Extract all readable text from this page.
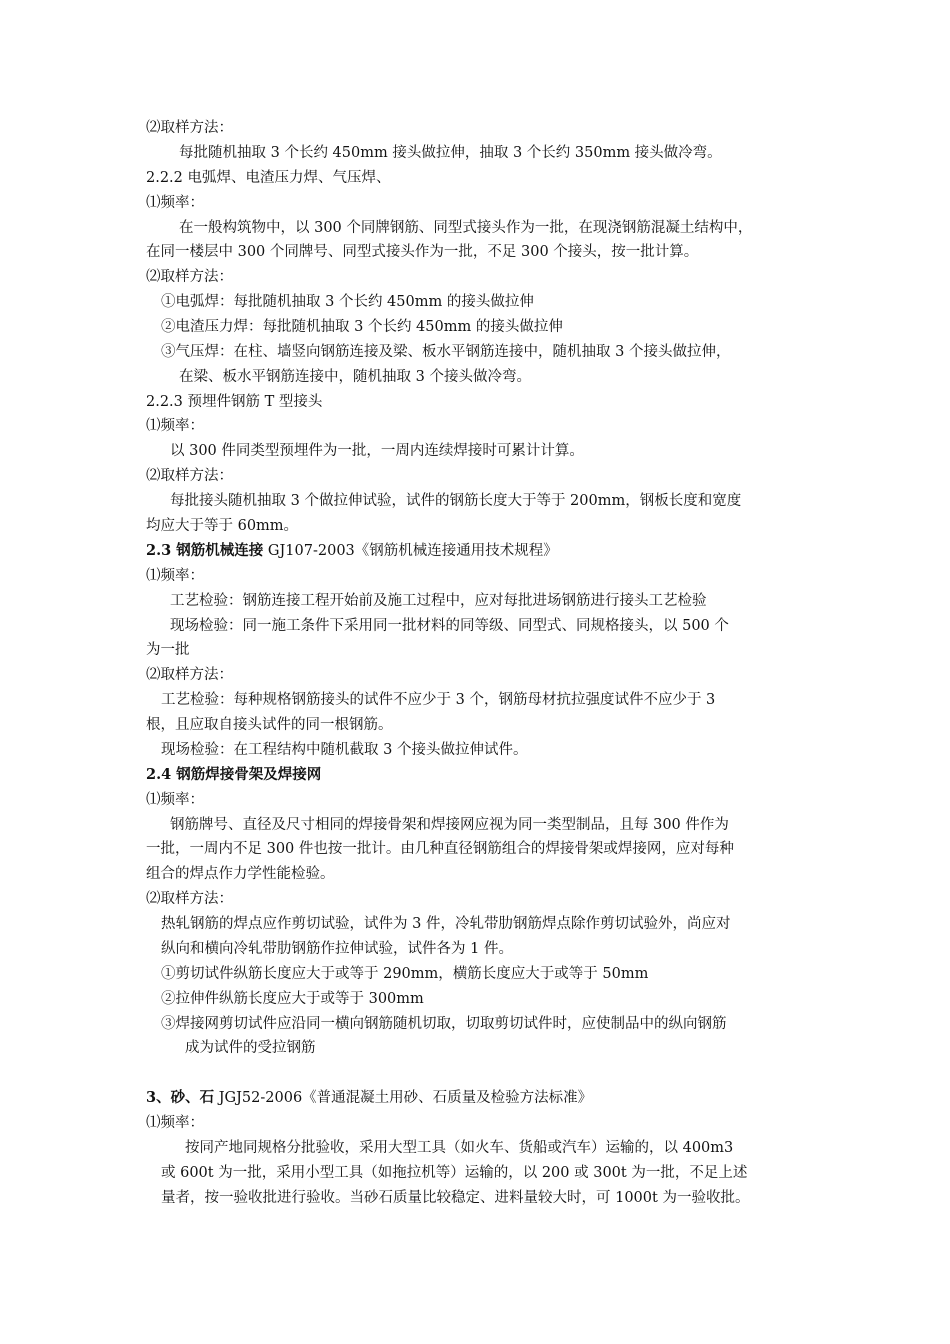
⑵取样方法：
每批随机抽取 3 个长约 450mm 接头做拉伸，抽取 3 个长约 350mm 接头做冷弯。
2.2.2 电弧焊、电渣压力焊、气压焊、
⑴频率：
在一般构筑物中，以 300 个同牌钢筋、同型式接头作为一批，在现浇钢筋混凝土结构中，
在同一楼层中 300 个同牌号、同型式接头作为一批，不足 300 个接头，按一批计算。
⑵取样方法：
①电弧焊：每批随机抽取 3 个长约 450mm 的接头做拉伸
②电渣压力焊：每批随机抽取 3 个长约 450mm 的接头做拉伸
③气压焊：在柱、墙竖向钢筋连接及梁、板水平钢筋连接中，随机抽取 3 个接头做拉伸，
在梁、板水平钢筋连接中，随机抽取 3 个接头做冷弯。
2.2.3 预埋件钢筋 T 型接头
⑴频率：
以 300 件同类型预埋件为一批，一周内连续焊接时可累计计算。
⑵取样方法：
每批接头随机抽取 3 个做拉伸试验，试件的钢筋长度大于等于 200mm，钢板长度和宽度
均应大于等于 60mm。
2.3 钢筋机械连接 GJ107-2003《钢筋机械连接通用技术规程》
⑴频率：
工艺检验：钢筋连接工程开始前及施工过程中，应对每批进场钢筋进行接头工艺检验
现场检验：同一施工条件下采用同一批材料的同等级、同型式、同规格接头，以 500 个
为一批
⑵取样方法：
工艺检验：每种规格钢筋接头的试件不应少于 3 个，钢筋母材抗拉强度试件不应少于 3
根，且应取自接头试件的同一根钢筋。
现场检验：在工程结构中随机截取 3 个接头做拉伸试件。
2.4 钢筋焊接骨架及焊接网
⑴频率：
钢筋牌号、直径及尺寸相同的焊接骨架和焊接网应视为同一类型制品，且每 300 件作为
一批，一周内不足 300 件也按一批计。由几种直径钢筋组合的焊接骨架或焊接网，应对每种
组合的焊点作力学性能检验。
⑵取样方法：
热轧钢筋的焊点应作剪切试验，试件为 3 件，冷轧带肋钢筋焊点除作剪切试验外，尚应对
纵向和横向冷轧带肋钢筋作拉伸试验，试件各为 1 件。
①剪切试件纵筋长度应大于或等于 290mm，横筋长度应大于或等于 50mm
②拉伸件纵筋长度应大于或等于 300mm
③焊接网剪切试件应沿同一横向钢筋随机切取，切取剪切试件时，应使制品中的纵向钢筋
成为试件的受拉钢筋
3、砂、石 JGJ52-2006《普通混凝土用砂、石质量及检验方法标准》
⑴频率：
按同产地同规格分批验收，采用大型工具（如火车、货船或汽车）运输的，以 400m3
或 600t 为一批，采用小型工具（如拖拉机等）运输的，以 200 或 300t 为一批，不足上述
量者，按一验收批进行验收。当砂石质量比较稳定、进料量较大时，可 1000t 为一验收批。
